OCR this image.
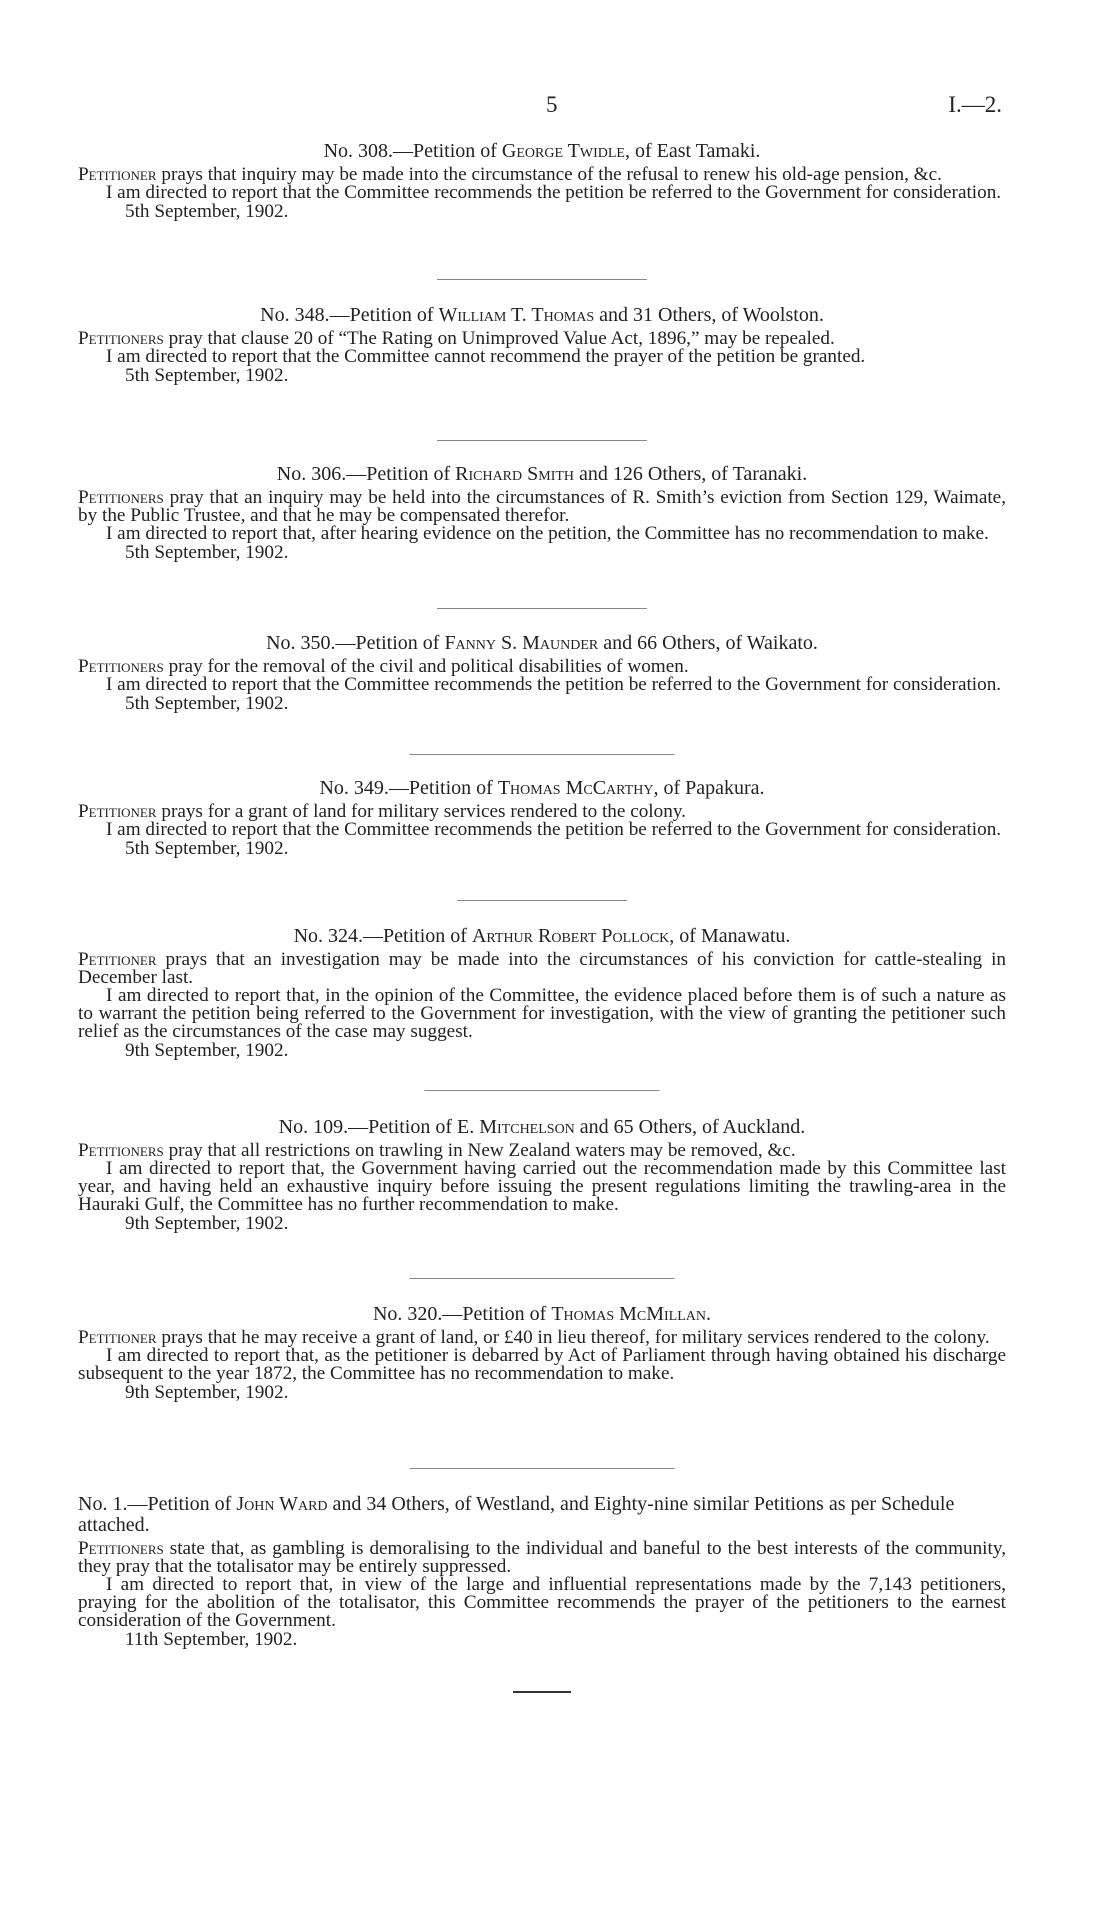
5	I.—2.
No. 308.—Petition of George Twidle, of East Tamaki.

Petitioner prays that inquiry may be made into the circumstance of the refusal to renew his old-age pension, &c.

I am directed to report that the Committee recommends the petition be referred to the Government for consideration.

5th September, 1902.
No. 348.—Petition of William T. Thomas and 31 Others, of Woolston.

Petitioners pray that clause 20 of “The Rating on Unimproved Value Act, 1896,” may be repealed.

I am directed to report that the Committee cannot recommend the prayer of the petition be granted.

5th September, 1902.
No. 306.—Petition of Richard Smith and 126 Others, of Taranaki.

Petitioners pray that an inquiry may be held into the circumstances of R. Smith’s eviction from Section 129, Waimate, by the Public Trustee, and that he may be compensated therefor.

I am directed to report that, after hearing evidence on the petition, the Committee has no recommendation to make.

5th September, 1902.
No. 350.—Petition of Fanny S. Maunder and 66 Others, of Waikato.

Petitioners pray for the removal of the civil and political disabilities of women.

I am directed to report that the Committee recommends the petition be referred to the Government for consideration.

5th September, 1902.
No. 349.—Petition of Thomas McCarthy, of Papakura.

Petitioner prays for a grant of land for military services rendered to the colony.

I am directed to report that the Committee recommends the petition be referred to the Government for consideration.

5th September, 1902.
No. 324.—Petition of Arthur Robert Pollock, of Manawatu.

Petitioner prays that an investigation may be made into the circumstances of his conviction for cattle-stealing in December last.

I am directed to report that, in the opinion of the Committee, the evidence placed before them is of such a nature as to warrant the petition being referred to the Government for investigation, with the view of granting the petitioner such relief as the circumstances of the case may suggest.

9th September, 1902.
No. 109.—Petition of E. Mitchelson and 65 Others, of Auckland.

Petitioners pray that all restrictions on trawling in New Zealand waters may be removed, &c.

I am directed to report that, the Government having carried out the recommendation made by this Committee last year, and having held an exhaustive inquiry before issuing the present regulations limiting the trawling-area in the Hauraki Gulf, the Committee has no further recommendation to make.

9th September, 1902.
No. 320.—Petition of Thomas McMillan.

Petitioner prays that he may receive a grant of land, or £40 in lieu thereof, for military services rendered to the colony.

I am directed to report that, as the petitioner is debarred by Act of Parliament through having obtained his discharge subsequent to the year 1872, the Committee has no recommendation to make.

9th September, 1902.
No. 1.—Petition of John Ward and 34 Others, of Westland, and Eighty-nine similar Petitions as per Schedule attached.

Petitioners state that, as gambling is demoralising to the individual and baneful to the best interests of the community, they pray that the totalisator may be entirely suppressed.

I am directed to report that, in view of the large and influential representations made by the 7,143 petitioners, praying for the abolition of the totalisator, this Committee recommends the prayer of the petitioners to the earnest consideration of the Government.

11th September, 1902.
